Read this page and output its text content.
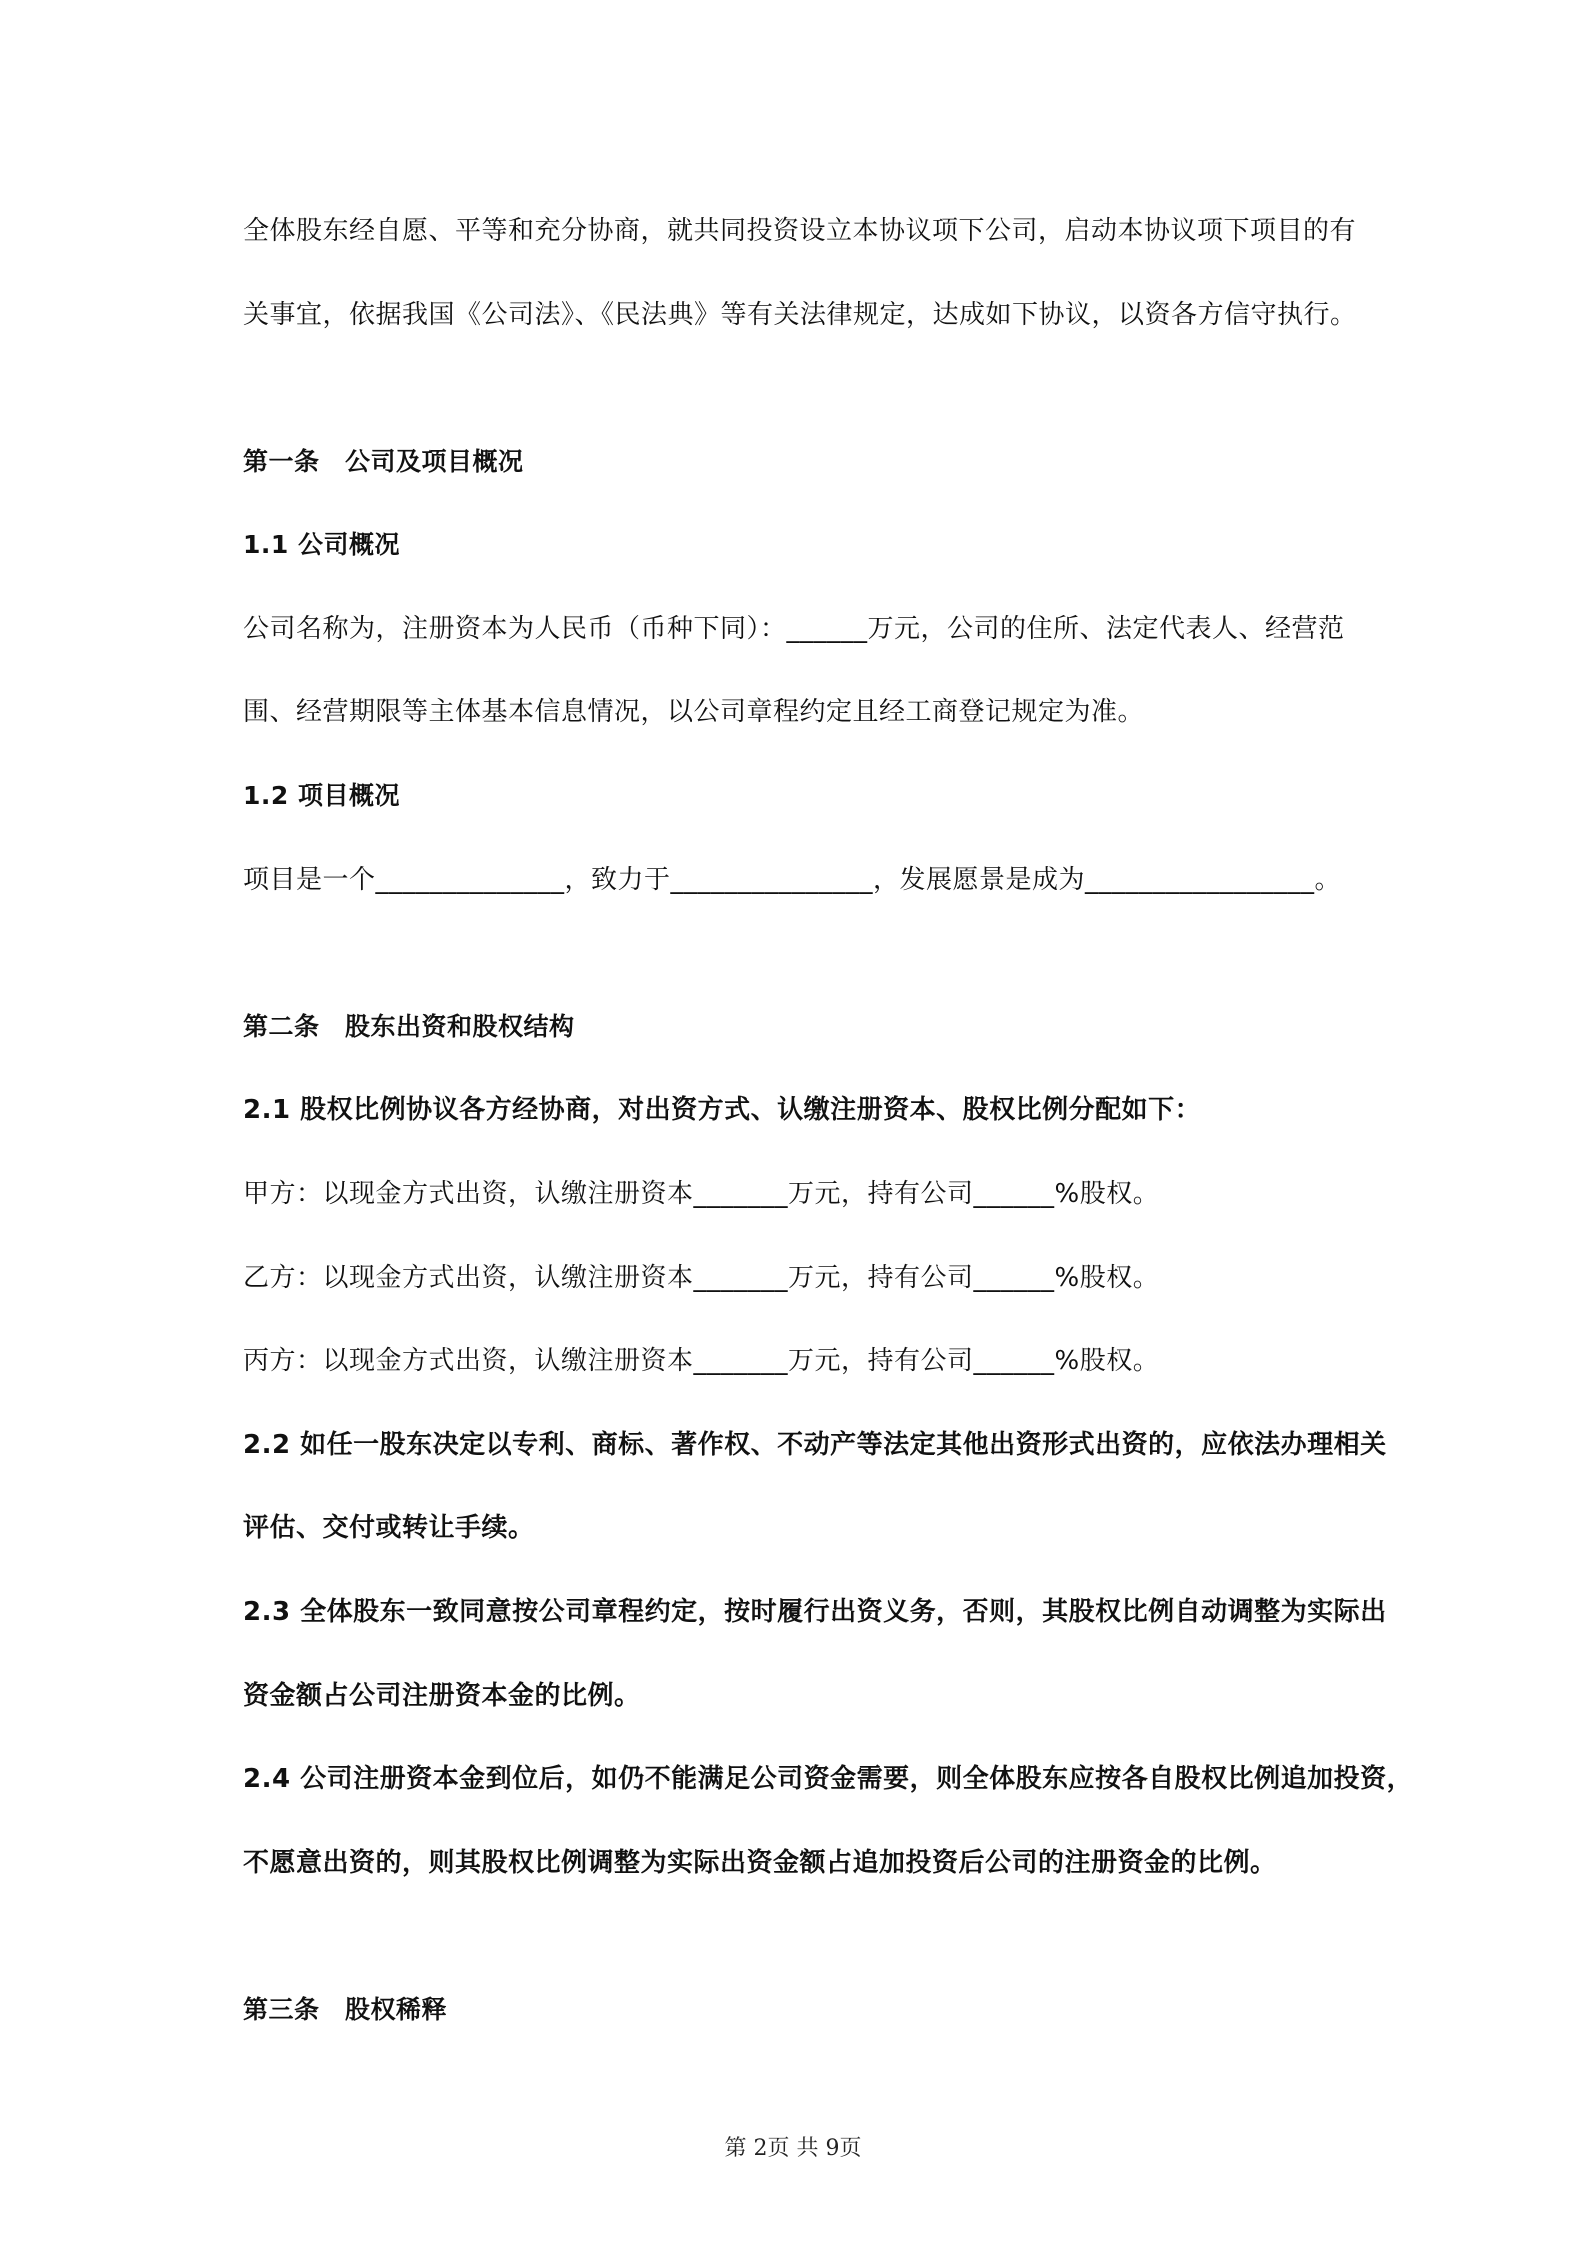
全体股东经自愿、平等和充分协商，就共同投资设立本协议项下公司，启动本协议项下项目的有
关事宜，依据我国《公司法》、《民法典》等有关法律规定，达成如下协议，以资各方信守执行。
第一条　公司及项目概况
1.1 公司概况
公司名称为，注册资本为人民币（币种下同）：______万元，公司的住所、法定代表人、经营范
围、经营期限等主体基本信息情况，以公司章程约定且经工商登记规定为准。
1.2 项目概况
项目是一个______________，致力于_______________，发展愿景是成为_________________。
第二条　股东出资和股权结构
2.1 股权比例协议各方经协商，对出资方式、认缴注册资本、股权比例分配如下：
甲方：以现金方式出资，认缴注册资本_______万元，持有公司______%股权。
乙方：以现金方式出资，认缴注册资本_______万元，持有公司______%股权。
丙方：以现金方式出资，认缴注册资本_______万元，持有公司______%股权。
2.2 如任一股东决定以专利、商标、著作权、不动产等法定其他出资形式出资的，应依法办理相关
评估、交付或转让手续。
2.3 全体股东一致同意按公司章程约定，按时履行出资义务，否则，其股权比例自动调整为实际出
资金额占公司注册资本金的比例。
2.4 公司注册资本金到位后，如仍不能满足公司资金需要，则全体股东应按各自股权比例追加投资，
不愿意出资的，则其股权比例调整为实际出资金额占追加投资后公司的注册资金的比例。
第三条　股权稀释
第 2页 共 9页
